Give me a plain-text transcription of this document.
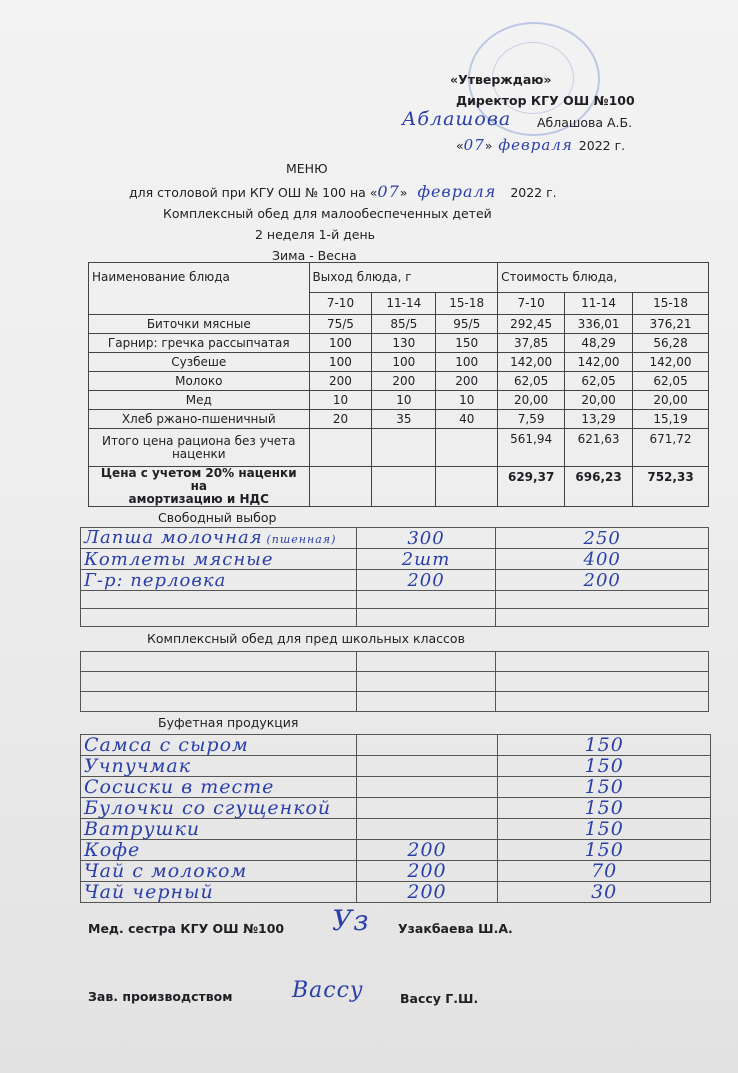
«Утверждаю»
Директор КГУ ОШ №100
Аблашова Аблашова А.Б.
«07» февраля 2022 г.
МЕНЮ
для столовой при КГУ ОШ № 100 на «07» февраля 2022 г.
Комплексный обед для малообеспеченных детей
2 неделя 1-й день
Зима - Весна
Наименование блюда	Выход блюда, г			Стоимость блюда,		
	7-10	11-14	15-18	7-10	11-14	15-18
Биточки мясные	75/5	85/5	95/5	292,45	336,01	376,21
Гарнир: гречка рассыпчатая	100	130	150	37,85	48,29	56,28
Сузбеше	100	100	100	142,00	142,00	142,00
Молоко	200	200	200	62,05	62,05	62,05
Мед	10	10	10	20,00	20,00	20,00
Хлеб ржано-пшеничный	20	35	40	7,59	13,29	15,19
Итого цена рациона без учета
наценки				561,94	621,63	671,72
Цена с учетом 20% наценки на
амортизацию и НДС				629,37	696,23	752,33
Свободный выбор
Лапша молочная (пшенная)	300	250
Котлеты мясные	2шт	400
Г-р: перловка	200	200

Комплексный обед для пред школьных классов

Буфетная продукция
Самса с сыром		150
Учпучмак		150
Сосиски в тесте		150
Булочки со сгущенкой		150
Ватрушки		150
Кофе	200	150
Чай с молоком	200	70
Чай черный	200	30
Мед. сестра КГУ ОШ №100 Уз Узакбаева Ш.А.
Зав. производством	Вассу	Вассу Г.Ш.
